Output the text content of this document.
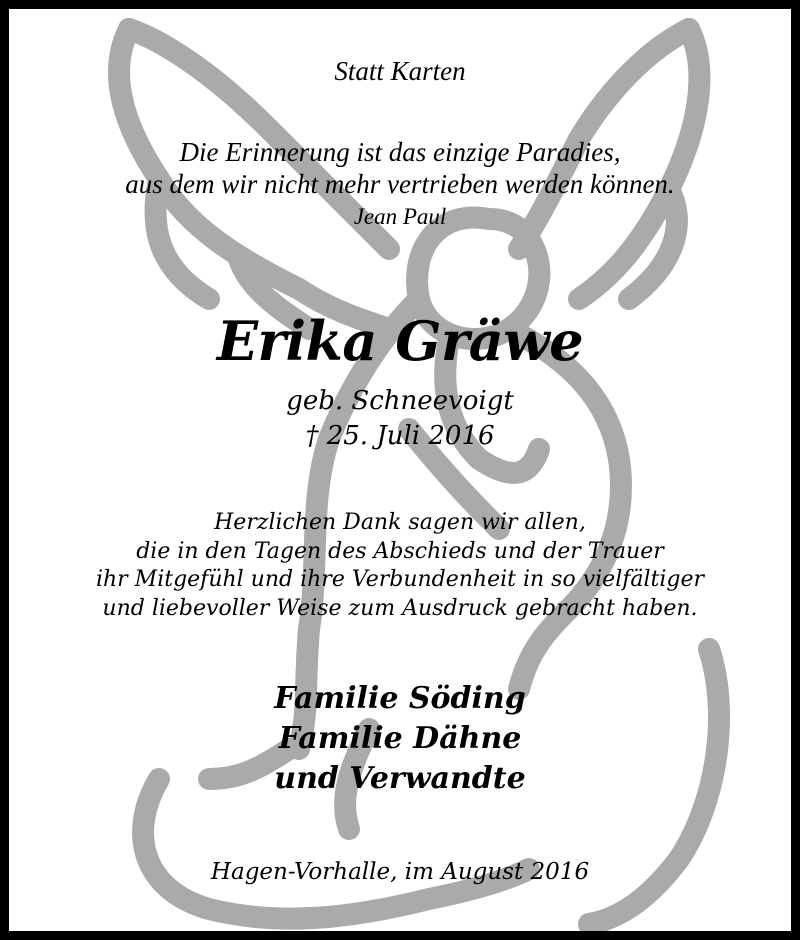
Statt Karten
Die Erinnerung ist das einzige Paradies,
aus dem wir nicht mehr vertrieben werden können.
Jean Paul
Erika Gräwe
geb. Schneevoigt
† 25. Juli 2016
Herzlichen Dank sagen wir allen,
die in den Tagen des Abschieds und der Trauer
ihr Mitgefühl und ihre Verbundenheit in so vielfältiger
und liebevoller Weise zum Ausdruck gebracht haben.
Familie Söding
Familie Dähne
und Verwandte
Hagen-Vorhalle, im August 2016
